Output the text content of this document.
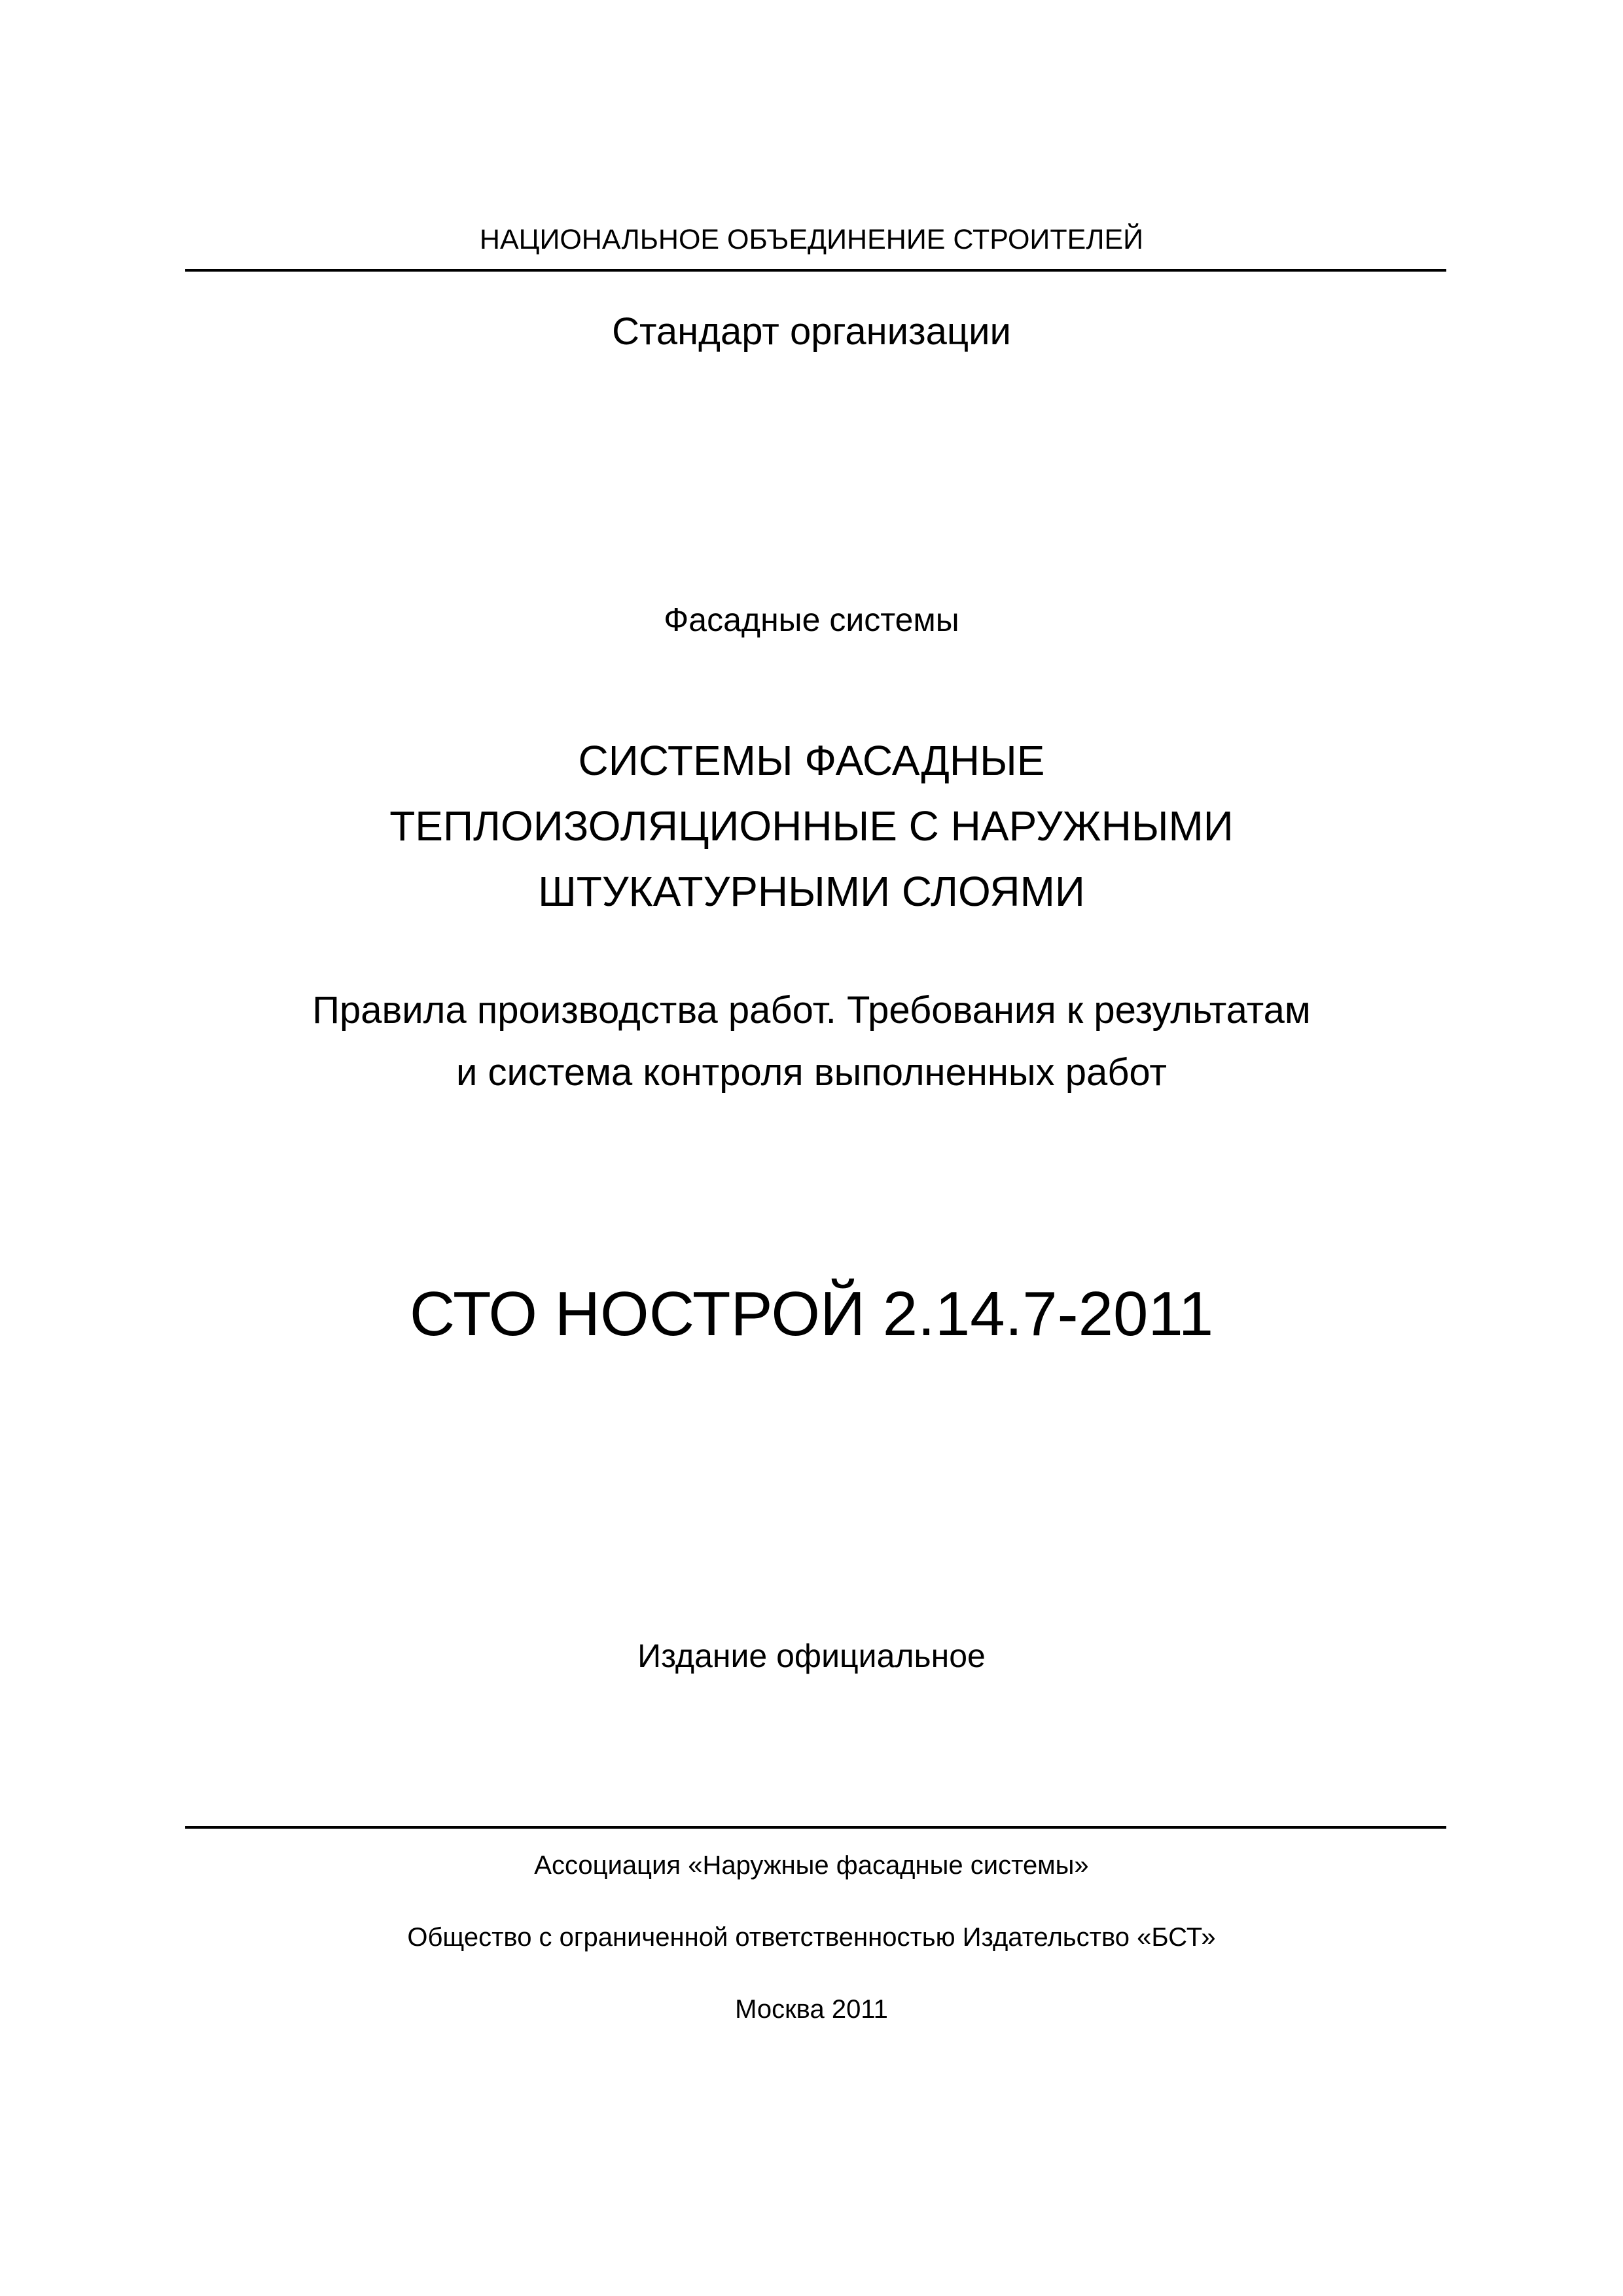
НАЦИОНАЛЬНОЕ ОБЪЕДИНЕНИЕ СТРОИТЕЛЕЙ
Стандарт организации
Фасадные системы
СИСТЕМЫ ФАСАДНЫЕ
ТЕПЛОИЗОЛЯЦИОННЫЕ С НАРУЖНЫМИ
ШТУКАТУРНЫМИ СЛОЯМИ
Правила производства работ. Требования к результатам
и система контроля выполненных работ
СТО НОСТРОЙ 2.14.7-2011
Издание официальное
Ассоциация «Наружные фасадные системы»
Общество с ограниченной ответственностью Издательство «БСТ»
Москва 2011
